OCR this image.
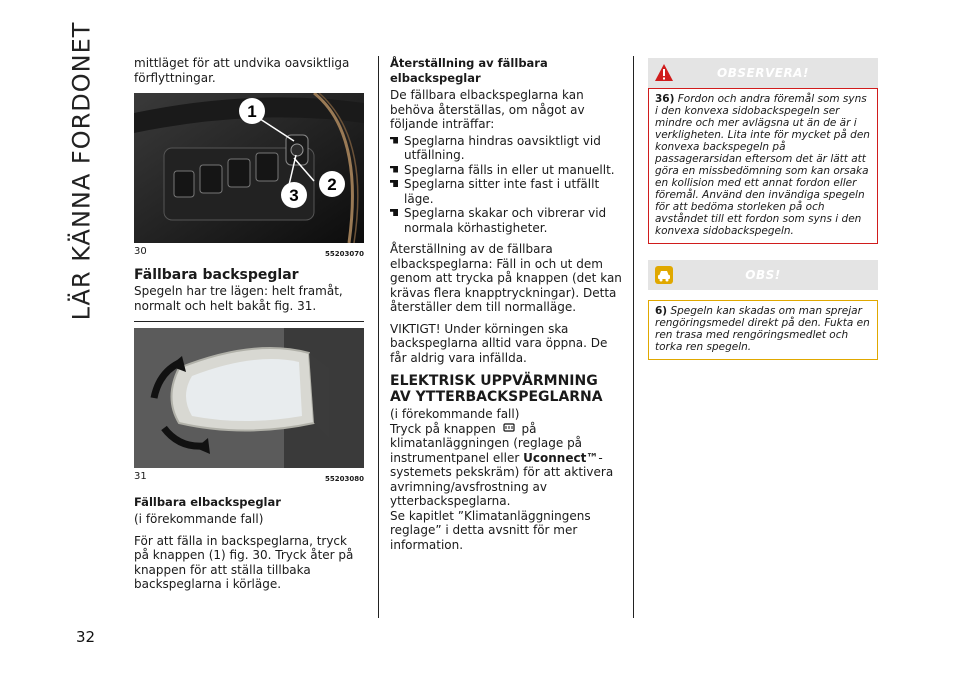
LÄR KÄNNA FORDONET
32

mittläget för att undvika oavsiktliga förflyttningar.

1
2
3
30	55203070
Fällbara backspeglar

Spegeln har tre lägen: helt framåt, normalt och helt bakåt fig. 31.

31	55203080
Fällbara elbackspeglar

(i förekommande fall)

För att fälla in backspeglarna, tryck på knappen (1) fig. 30. Tryck åter på knappen för att ställa tillbaka backspeglarna i körläge.

Återställning av fällbara elbackspeglar

De fällbara elbackspeglarna kan behöva återställas, om något av följande inträffar:

Speglarna hindras oavsiktligt vid utfällning.
Speglarna fälls in eller ut manuellt.
Speglarna sitter inte fast i utfällt läge.
Speglarna skakar och vibrerar vid normala körhastigheter.

Återställning av de fällbara elbackspeglarna: Fäll in och ut dem genom att trycka på knappen (det kan krävas flera knapptryckningar). Detta återställer dem till normalläge.

VIKTIGT! Under körningen ska backspeglarna alltid vara öppna. De får aldrig vara infällda.

ELEKTRISK UPPVÄRMNING AV YTTERBACKSPEGLARNA

(i förekommande fall)

Tryck på knappen på klimatanläggningen (reglage på instrumentpanel eller Uconnect™-systemets pekskräm) för att aktivera avrimning/avsfrostning av ytterbackspeglarna.

Se kapitlet ”Klimatanläggningens reglage” i detta avsnitt för mer information.

OBSERVERA!

36) Fordon och andra föremål som syns i den konvexa sidobackspegeln ser mindre och mer avlägsna ut än de är i verkligheten. Lita inte för mycket på den konvexa backspegeln på passagerarsidan eftersom det är lätt att göra en missbedömning som kan orsaka en kollision med ett annat fordon eller föremål. Använd den invändiga spegeln för att bedöma storleken på och avståndet till ett fordon som syns i den konvexa sidobackspegeln.

OBS!

6) Spegeln kan skadas om man sprejar rengöringsmedel direkt på den. Fukta en ren trasa med rengöringsmedlet och torka ren spegeln.
